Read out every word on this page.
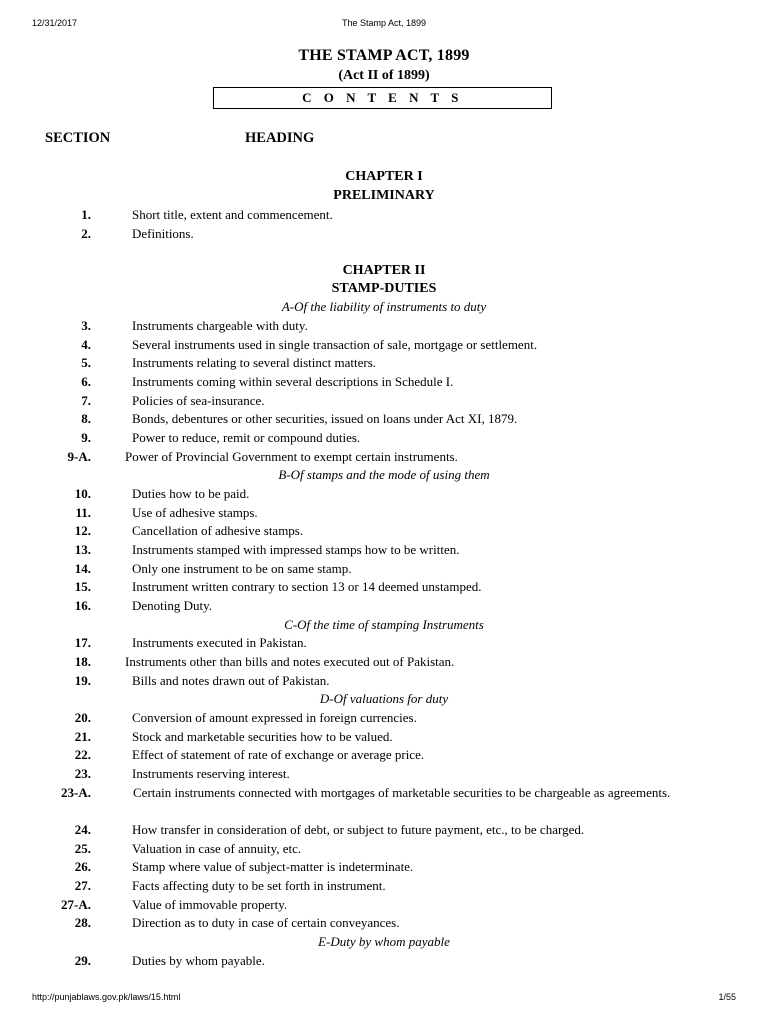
12/31/2017	The Stamp Act, 1899
THE STAMP ACT, 1899
(Act II of 1899)
C O N T E N T S
SECTION	HEADING
CHAPTER I
PRELIMINARY
1.	Short title, extent and commencement.
2.	Definitions.
CHAPTER II
STAMP-DUTIES
A-Of the liability of instruments to duty
3.	Instruments chargeable with duty.
4.	Several instruments used in single transaction of sale, mortgage or settlement.
5.	Instruments relating to several distinct matters.
6.	Instruments coming within several descriptions in Schedule I.
7.	Policies of sea-insurance.
8.	Bonds, debentures or other securities, issued on loans under Act XI, 1879.
9.	Power to reduce, remit or compound duties.
9-A.	Power of Provincial Government to exempt certain instruments.
B-Of stamps and the mode of using them
10.	Duties how to be paid.
11.	Use of adhesive stamps.
12.	Cancellation of adhesive stamps.
13.	Instruments stamped with impressed stamps how to be written.
14.	Only one instrument to be on same stamp.
15.	Instrument written contrary to section 13 or 14 deemed unstamped.
16.	Denoting Duty.
C-Of the time of stamping Instruments
17.	Instruments executed in Pakistan.
18.	Instruments other than bills and notes executed out of Pakistan.
19.	Bills and notes drawn out of Pakistan.
D-Of valuations for duty
20.	Conversion of amount expressed in foreign currencies.
21.	Stock and marketable securities how to be valued.
22.	Effect of statement of rate of exchange or average price.
23.	Instruments reserving interest.
23-A.	Certain instruments connected with mortgages of marketable securities to be chargeable as agreements.
24.	How transfer in consideration of debt, or subject to future payment, etc., to be charged.
25.	Valuation in case of annuity, etc.
26.	Stamp where value of subject-matter is indeterminate.
27.	Facts affecting duty to be set forth in instrument.
27-A.	Value of immovable property.
28.	Direction as to duty in case of certain conveyances.
E-Duty by whom payable
29.	Duties by whom payable.
http://punjablaws.gov.pk/laws/15.html	1/55
